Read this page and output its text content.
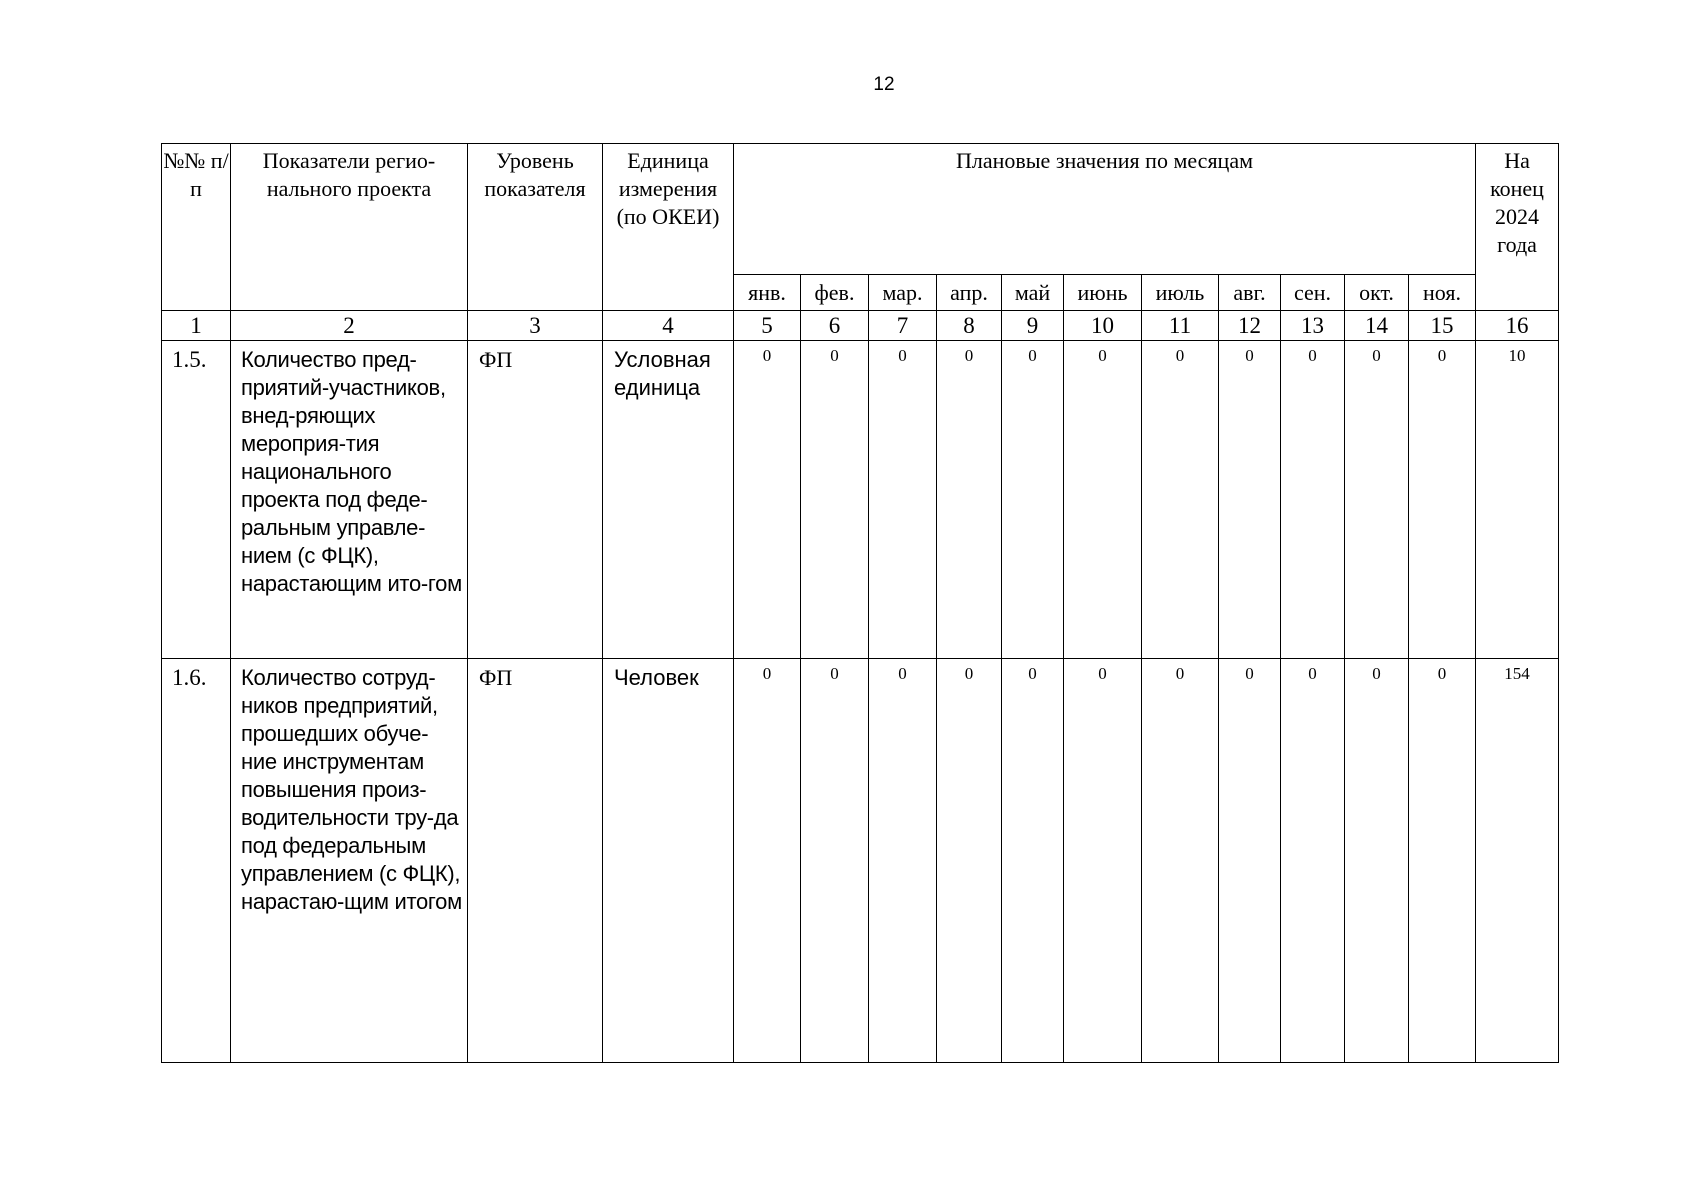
12
№№ п/п	Показатели регио-нального проекта	Уровень показателя	Единица измерения (по ОКЕИ)	Плановые значения по месяцам											На конец 2024 года
				янв.	фев.	мар.	апр.	май	июнь	июль	авг.	сен.	окт.	ноя.	
1	2	3	4	5	6	7	8	9	10	11	12	13	14	15	16
1.5.	Количество пред-приятий-участников, внед-ряющих мероприя-тия национального проекта под феде-ральным управле-нием (с ФЦК), нарастающим ито-гом	ФП	Условная единица	0	0	0	0	0	0	0	0	0	0	0	10
1.6.	Количество сотруд-ников предприятий, прошедших обуче-ние инструментам повышения произ-водительности тру-да под федеральным управлением (с ФЦК), нарастаю-щим итогом	ФП	Человек	0	0	0	0	0	0	0	0	0	0	0	154
